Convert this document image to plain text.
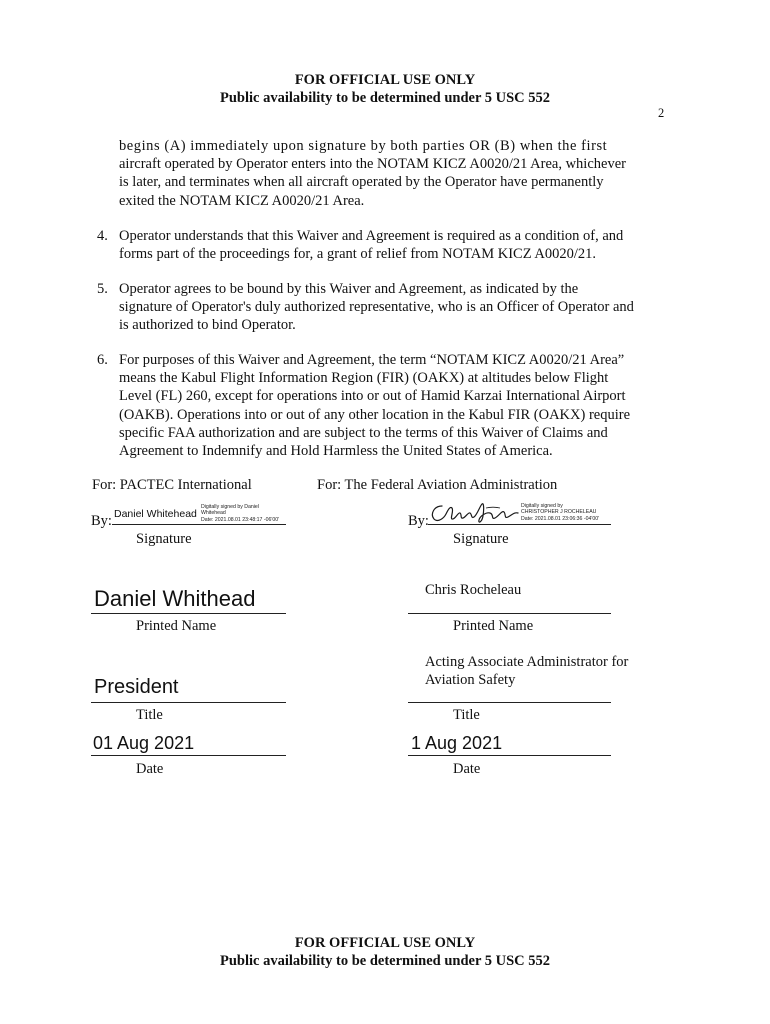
FOR OFFICIAL USE ONLY
Public availability to be determined under 5 USC 552
2
begins (A) immediately upon signature by both parties OR (B) when the first
aircraft operated by Operator enters into the NOTAM KICZ A0020/21 Area, whichever
is later, and terminates when all aircraft operated by the Operator have permanently
exited the NOTAM KICZ A0020/21 Area.
4. Operator understands that this Waiver and Agreement is required as a condition of, and
forms part of the proceedings for, a grant of relief from NOTAM KICZ A0020/21.
5. Operator agrees to be bound by this Waiver and Agreement, as indicated by the
signature of Operator's duly authorized representative, who is an Officer of Operator and
is authorized to bind Operator.
6. For purposes of this Waiver and Agreement, the term “NOTAM KICZ A0020/21 Area”
means the Kabul Flight Information Region (FIR) (OAKX) at altitudes below Flight
Level (FL) 260, except for operations into or out of Hamid Karzai International Airport
(OAKB). Operations into or out of any other location in the Kabul FIR (OAKX) require
specific FAA authorization and are subject to the terms of this Waiver of Claims and
Agreement to Indemnify and Hold Harmless the United States of America.
For: PACTEC International
By: Daniel Whitehead
Digitally signed by Daniel
Whitehead
Date: 2021.08.01 23:48:17 -06'00'
Signature
Daniel Whithead
Printed Name
President
Title
01 Aug 2021
Date
For: The Federal Aviation Administration
By:
Digitally signed by
CHRISTOPHER J ROCHELEAU
Date: 2021.08.01 23:06:36 -04'00'
Signature
Chris Rocheleau
Printed Name
Acting Associate Administrator for
Aviation Safety
Title
1 Aug 2021
Date
FOR OFFICIAL USE ONLY
Public availability to be determined under 5 USC 552
